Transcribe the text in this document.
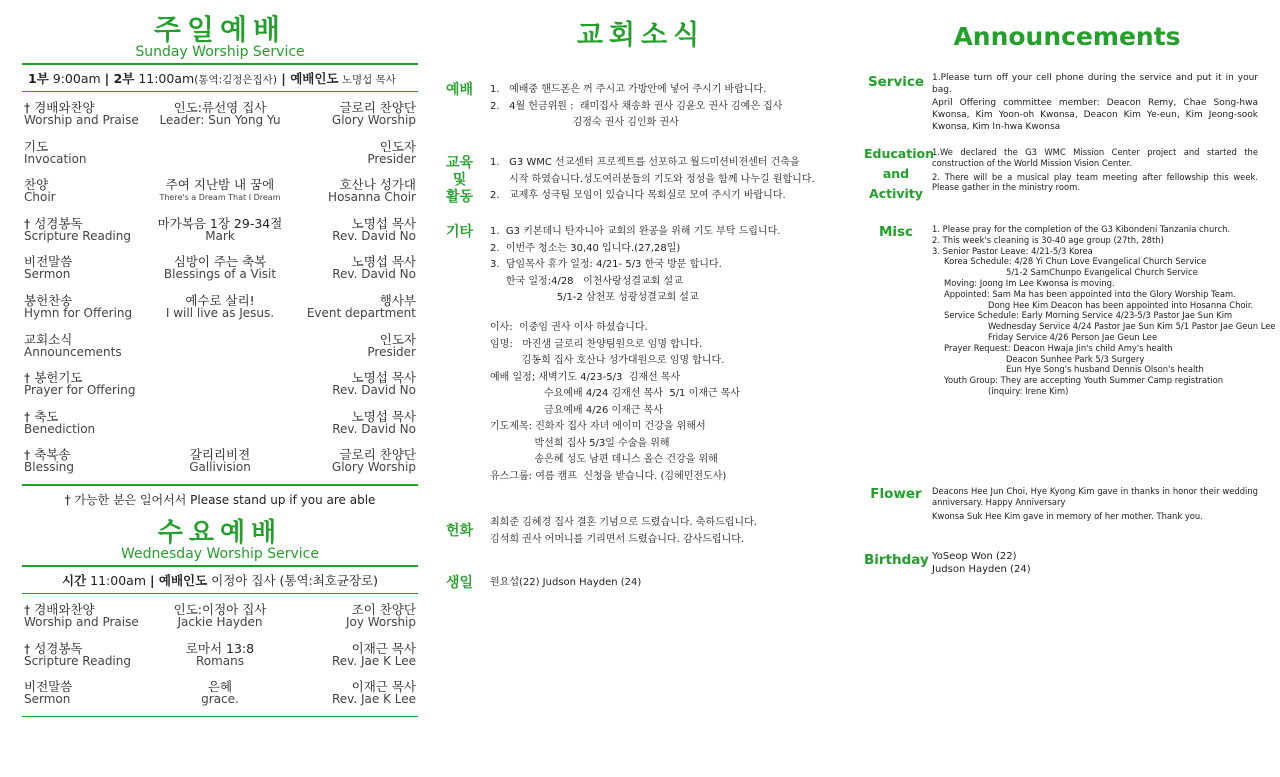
주일예배
Sunday Worship Service
1부 9:00am | 2부 11:00am(통역:김정은집사) | 예배인도 노명섭 목사
† 경배와찬양
Worship and Praise
인도:류선영 집사
Leader: Sun Yong Yu
글로리 찬양단
Glory Worship
기도
Invocation
인도자
Presider
찬양
Choir
주여 지난밤 내 꿈에
There's a Dream That I Dream
호산나 성가대
Hosanna Choir
† 성경봉독
Scripture Reading
마가복음 1장 29-34절
Mark
노명섭 목사
Rev. David No
비전말씀
Sermon
심방이 주는 축복
Blessings of a Visit
노명섭 목사
Rev. David No
봉헌찬송
Hymn for Offering
예수로 살리!
I will live as Jesus.
행사부
Event department
교회소식
Announcements
인도자
Presider
† 봉헌기도
Prayer for Offering
노명섭 목사
Rev. David No
† 축도
Benediction
노명섭 목사
Rev. David No
† 축복송
Blessing
갈리리비젼
Gallivision
글로리 찬양단
Glory Worship
† 가능한 분은 일어서서 Please stand up if you are able
수요예배
Wednesday Worship Service
시간 11:00am | 예배인도 이정아 집사 (통역:최호균장로)
† 경배와찬양
Worship and Praise
인도:이정아 집사
Jackie Hayden
조이 찬양단
Joy Worship
† 성경봉독
Scripture Reading
로마서 13:8
Romans
이재근 목사
Rev. Jae K Lee
비전말씀
Sermon
은혜
grace.
이재근 목사
Rev. Jae K Lee
교회소식
예배 1.   예배중 핸드폰은 꺼 주시고 가방안에 넣어 주시기 바랍니다.
2.   4월 헌금위원 :  래미집사 채송화 권사 김윤오 권사 김예은 집사
김정숙 권사 김인화 권사
교육
및
활동
1.   G3 WMC 선교센터 프로젝트를 선포하고 월드미션비젼센터 건축을
시작 하였습니다.성도여러분들의 기도와 정성을 함께 나누길 원합니다.
2.   교제후 성극팀 모임이 있습니다 목회실로 모여 주시기 바랍니다.
기타 1.  G3 키본데니 탄자니아 교회의 완공을 위해 기도 부탁 드립니다.
2.  이번주 청소는 30,40 입니다.(27,28일)
3.  담임목사 휴가 일정: 4/21- 5/3 한국 방문 합니다.
한국 일정:4/28   이천사랑성결교회 설교
5/1-2 삼천포 성광성결교회 설교
이사:  이중임 권사 이사 하셨습니다.
임명:   마진샘 글로리 찬양팀원으로 임명 합니다.
김동희 집사 호산나 성가대원으로 임명 합니다.
예배 일정; 새벽기도 4/23-5/3  김재선 목사
수요예배 4/24 김재선 목사  5/1 이재근 목사
금요예배 4/26 이재근 목사
기도제목: 진화자 집사 자녀 에이미 건강을 위해서
박선희 집사 5/3일 수술을 위해
송은혜 성도 남편 데니스 올슨 건강을 위해
유스그룹: 여름 캠프  신청을 받습니다. (김혜민전도사)
헌화
최희준 김혜경 집사 결혼 기념으로 드렸습니다. 축하드립니다.
김석희 권사 어머니를 기리면서 드렸습니다. 감사드립니다.
생일 원요섭(22) Judson Hayden (24)
Announcements
Service 1.Please turn off your cell phone during the service and put it in your bag.
April Offering committee member: Deacon Remy, Chae Song-hwa Kwonsa, Kim Yoon-oh Kwonsa, Deacon Kim Ye-eun, Kim Jeong-sook Kwonsa, Kim In-hwa Kwonsa
Education
and
Activity
1.We declared the G3 WMC Mission Center project and started the construction of the World Mission Vision Center.
2. There will be a musical play team meeting after fellowship this week. Please gather in the ministry room.
Misc	1. Please pray for the completion of the G3 Kibondeni Tanzania church.
2. This week's cleaning is 30-40 age group (27th, 28th)
3. Senior Pastor Leave: 4/21-5/3 Korea
Korea Schedule: 4/28 Yi Chun Love Evangelical Church Service
5/1-2 SamChunpo Evangelical Church Service
Moving: Joong Im Lee Kwonsa is moving.
Appointed: Sam Ma has been appointed into the Glory Worship Team.
Dong Hee Kim Deacon has been appointed into Hosanna Choir.
Service Schedule: Early Morning Service 4/23-5/3 Pastor Jae Sun Kim
Wednesday Service 4/24 Pastor Jae Sun Kim 5/1 Pastor Jae Geun Lee
Friday Service 4/26 Person Jae Geun Lee
Prayer Request: Deacon Hwaja Jin's child Amy's health
Deacon Sunhee Park 5/3 Surgery
Eun Hye Song's husband Dennis Olson's health
Youth Group: They are accepting Youth Summer Camp registration
(inquiry: Irene Kim)
Flower	Deacons Hee Jun Choi, Hye Kyong Kim gave in thanks in honor their wedding anniversary. Happy Anniversary
Kwonsa Suk Hee Kim gave in memory of her mother. Thank you.
Birthday YoSeop Won (22)
Judson Hayden (24)
